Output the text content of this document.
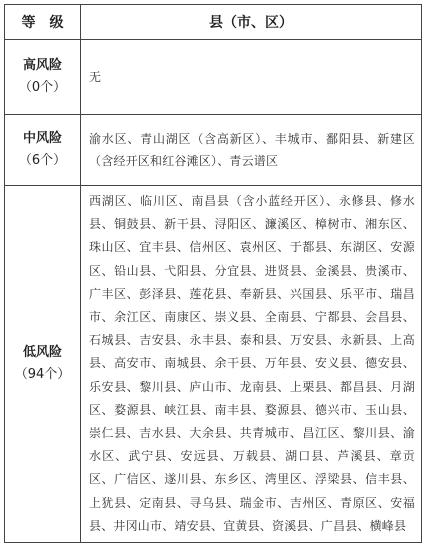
等　级	县（市、区）

高风险
（0个）	无

中风险
（6个）	渝水区、青山湖区（含高新区）、丰城市、鄱阳县、新建区（含经开区和红谷滩区）、青云谱区

低风险
（94个）	西湖区、临川区、南昌县（含小蓝经开区）、永修县、修水县、铜鼓县、新干县、浔阳区、濂溪区、樟树市、湘东区、珠山区、宜丰县、信州区、袁州区、于都县、东湖区、安源区、铅山县、弋阳县、分宜县、进贤县、金溪县、贵溪市、广丰区、彭泽县、莲花县、奉新县、兴国县、乐平市、瑞昌市、余江区、南康区、崇义县、全南县、宁都县、会昌县、石城县、吉安县、永丰县、泰和县、万安县、永新县、上高县、高安市、南城县、余干县、万年县、安义县、德安县、乐安县、黎川县、庐山市、龙南县、上栗县、都昌县、月湖区、婺源县、峡江县、南丰县、婺源县、德兴市、玉山县、崇仁县、吉水县、大余县、共青城市、昌江区、黎川县、渝水区、武宁县、安远县、万载县、湖口县、芦溪县、章贡区、广信区、遂川县、东乡区、湾里区、浮梁县、信丰县、上犹县、定南县、寻乌县、瑞金市、吉州区、青原区、安福县、井冈山市、靖安县、宜黄县、资溪县、广昌县、横峰县
